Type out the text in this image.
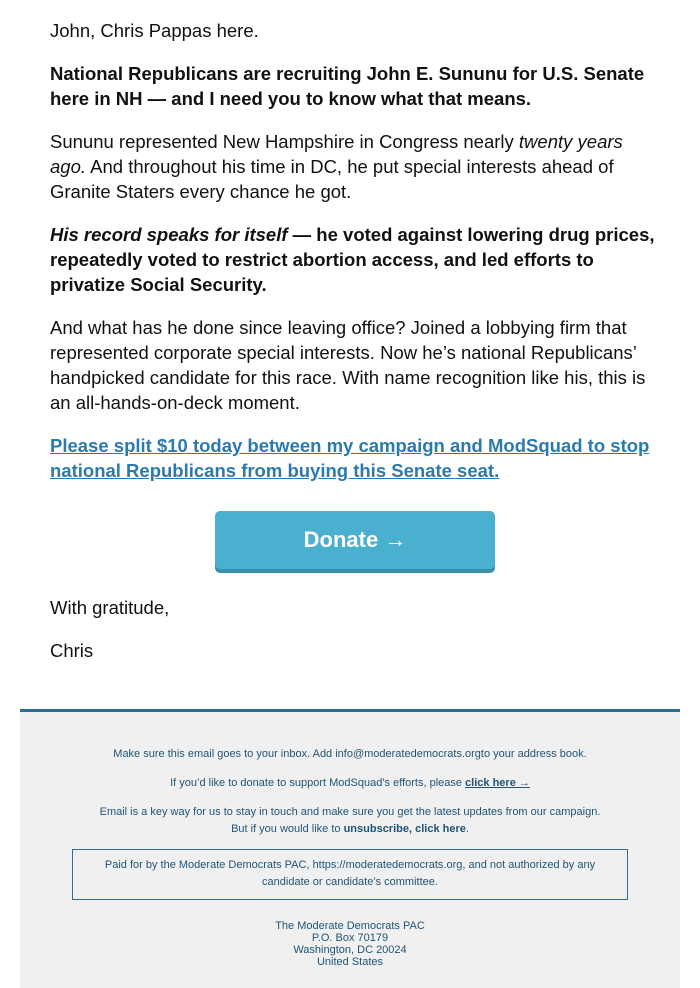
John, Chris Pappas here.

National Republicans are recruiting John E. Sununu for U.S. Senate here in NH — and I need you to know what that means.

Sununu represented New Hampshire in Congress nearly twenty years ago. And throughout his time in DC, he put special interests ahead of Granite Staters every chance he got.

His record speaks for itself — he voted against lowering drug prices, repeatedly voted to restrict abortion access, and led efforts to privatize Social Security.

And what has he done since leaving office? Joined a lobbying firm that represented corporate special interests. Now he’s national Republicans’ handpicked candidate for this race. With name recognition like his, this is an all-hands-on-deck moment.

Please split $10 today between my campaign and ModSquad to stop national Republicans from buying this Senate seat.
Donate →

With gratitude,

Chris

Make sure this email goes to your inbox. Add info@moderatedemocrats.orgto your address book.

If you’d like to donate to support ModSquad’s efforts, please click here →

Email is a key way for us to stay in touch and make sure you get the latest updates from our campaign. But if you would like to unsubscribe, click here.

Paid for by the Moderate Democrats PAC, https://moderatedemocrats.org, and not authorized by any candidate or candidate’s committee.

The Moderate Democrats PAC
P.O. Box 70179
Washington, DC 20024
United States
